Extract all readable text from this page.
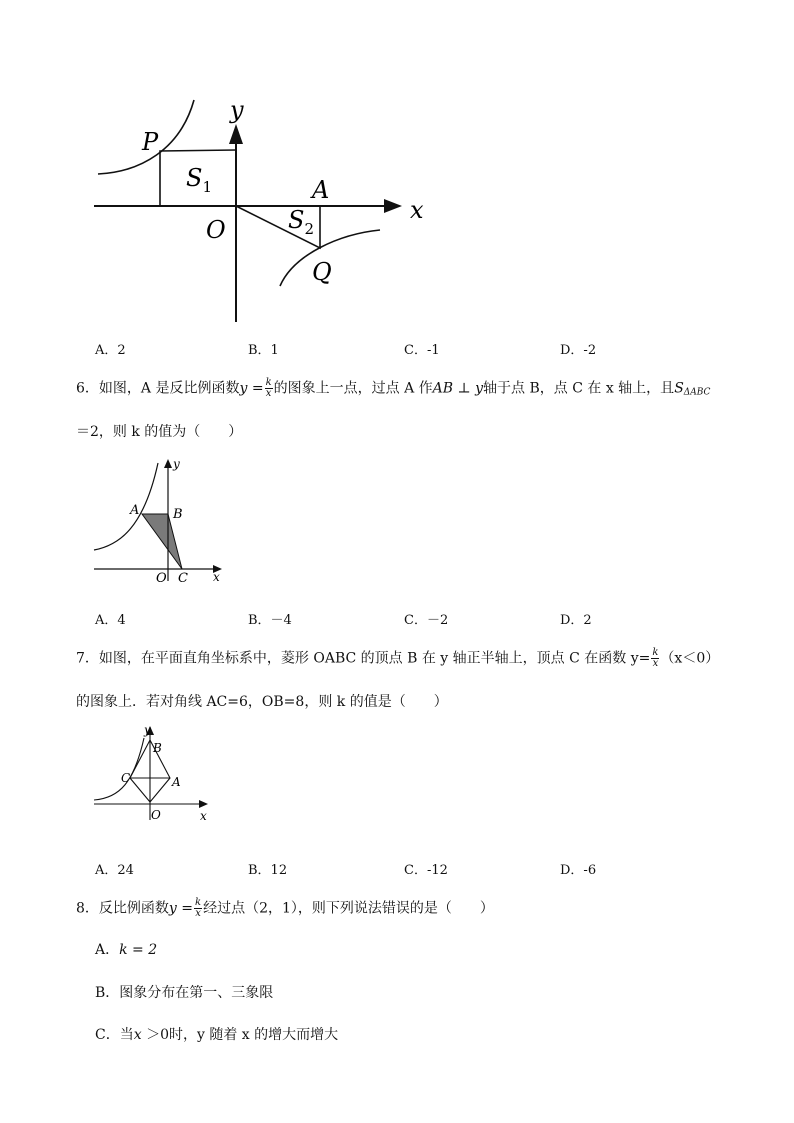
y
x
P
A
O
Q
$S_1$
$S_2$
A．2	B．1	C．-1	D．-2
6．如图，A 是反比例函数$y = \frac{k}{x}$ 的图象上一点，过点 A 作AB ⊥ y轴于点 B，点 C 在 x 轴上，且$S_{\Delta ABC}$
＝2，则 k 的值为（　　）
y
x
A	B
O C
A．4	B．－4	C．－2	D．2
7．如图，在平面直角坐标系中，菱形 OABC 的顶点 B 在 y 轴正半轴上，顶点 C 在函数 $y= \frac{k}{x} (x<0)$
的图象上．若对角线 AC=6，OB=8，则 k 的值是（　　）
y
x
B
C	A
O
A．24	B．12	C．-12	D．-6
8．反比例函数$y = \frac{k}{x}$ 经过点（2，1），则下列说法错误的是（　　）
A．k = 2
B．图象分布在第一、三象限
C．当x ＞0时，y 随着 x 的增大而增大
